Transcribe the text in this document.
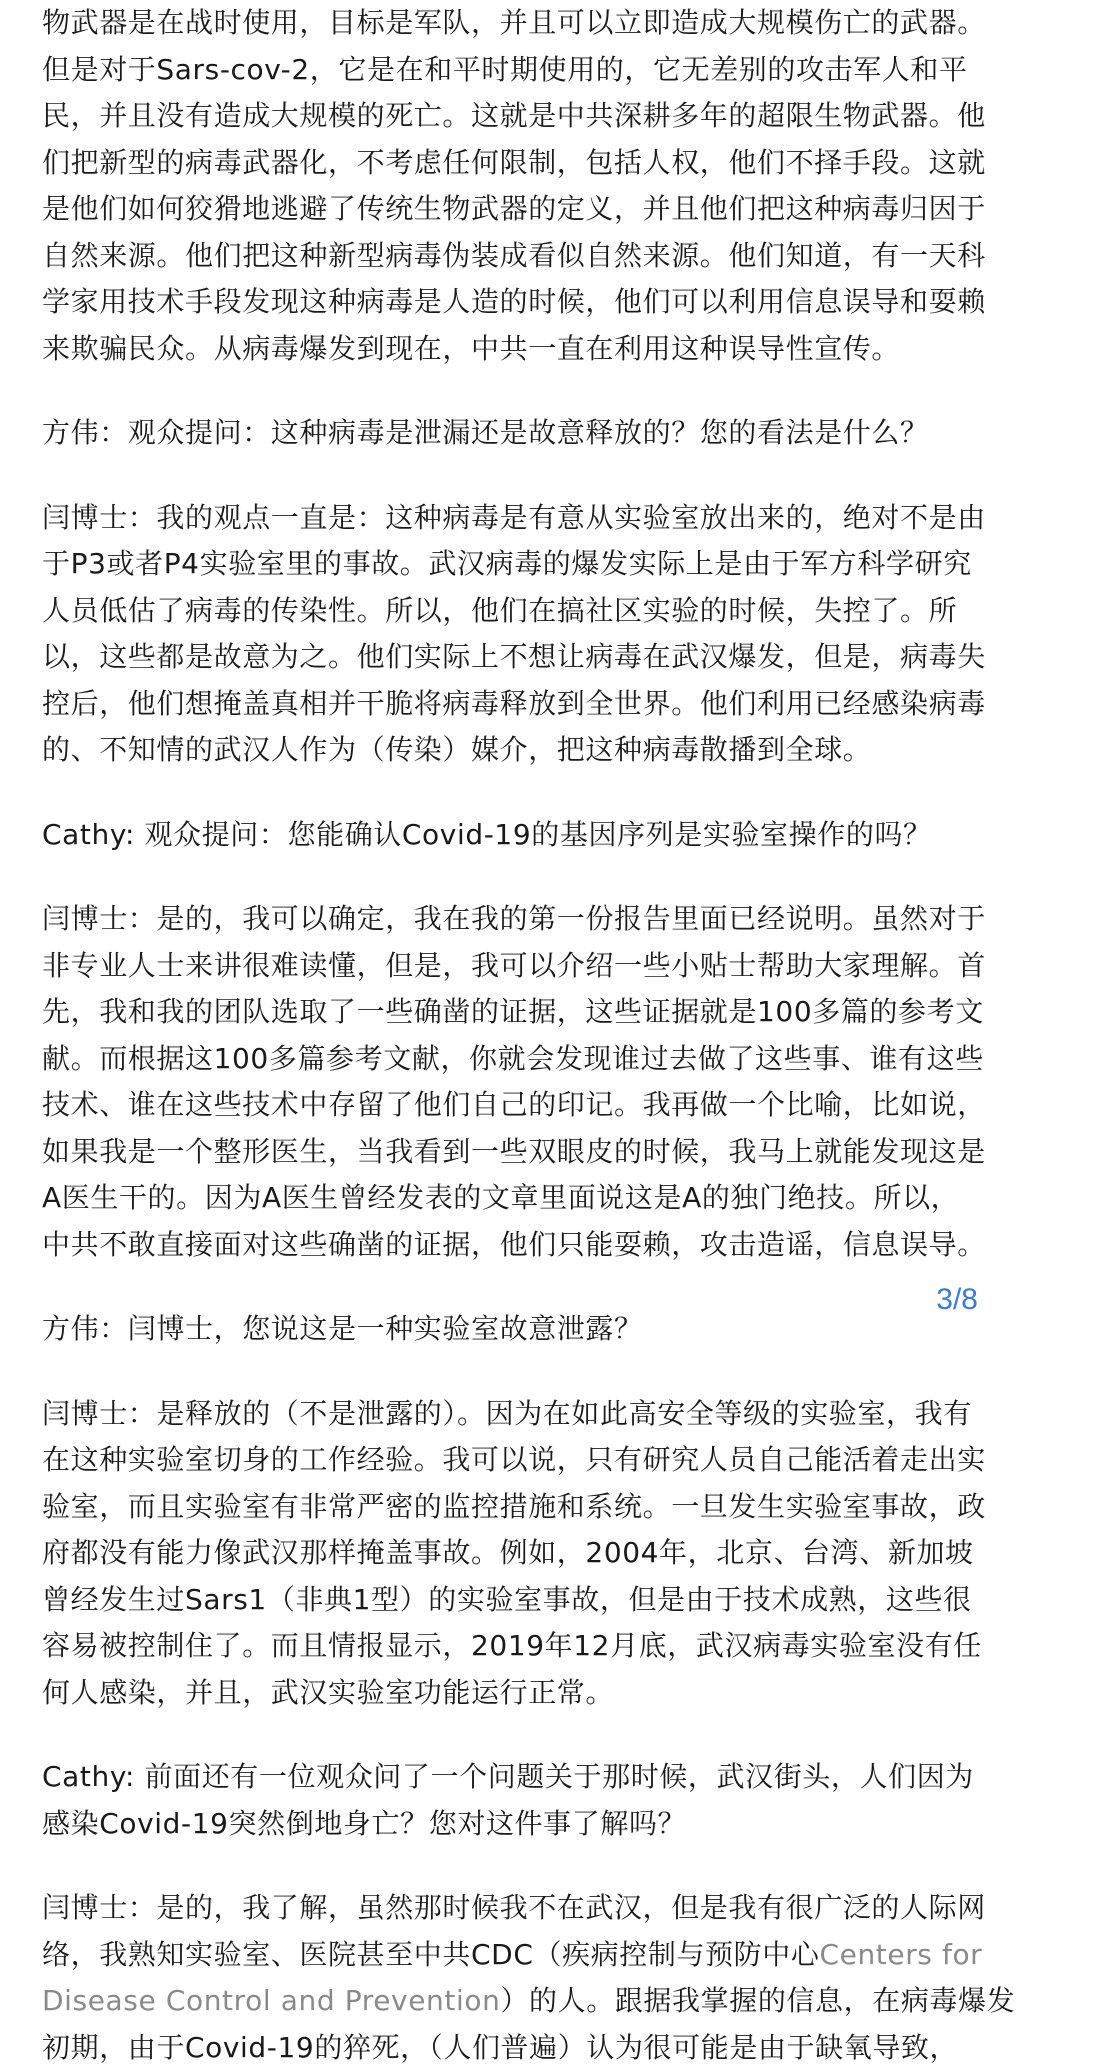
物武器是在战时使用，目标是军队，并且可以立即造成大规模伤亡的武器。
但是对于Sars-cov-2，它是在和平时期使用的，它无差别的攻击军人和平
民，并且没有造成大规模的死亡。这就是中共深耕多年的超限生物武器。他
们把新型的病毒武器化，不考虑任何限制，包括人权，他们不择手段。这就
是他们如何狡猾地逃避了传统生物武器的定义，并且他们把这种病毒归因于
自然来源。他们把这种新型病毒伪装成看似自然来源。他们知道，有一天科
学家用技术手段发现这种病毒是人造的时候，他们可以利用信息误导和耍赖
来欺骗民众。从病毒爆发到现在，中共一直在利用这种误导性宣传。

方伟：观众提问：这种病毒是泄漏还是故意释放的？您的看法是什么？

闫博士：我的观点一直是：这种病毒是有意从实验室放出来的，绝对不是由
于P3或者P4实验室里的事故。武汉病毒的爆发实际上是由于军方科学研究
人员低估了病毒的传染性。所以，他们在搞社区实验的时候，失控了。所
以，这些都是故意为之。他们实际上不想让病毒在武汉爆发，但是，病毒失
控后，他们想掩盖真相并干脆将病毒释放到全世界。他们利用已经感染病毒
的、不知情的武汉人作为（传染）媒介，把这种病毒散播到全球。

Cathy: 观众提问：您能确认Covid-19的基因序列是实验室操作的吗？

闫博士：是的，我可以确定，我在我的第一份报告里面已经说明。虽然对于
非专业人士来讲很难读懂，但是，我可以介绍一些小贴士帮助大家理解。首
先，我和我的团队选取了一些确凿的证据，这些证据就是100多篇的参考文
献。而根据这100多篇参考文献，你就会发现谁过去做了这些事、谁有这些
技术、谁在这些技术中存留了他们自己的印记。我再做一个比喻，比如说，
如果我是一个整形医生，当我看到一些双眼皮的时候，我马上就能发现这是
A医生干的。因为A医生曾经发表的文章里面说这是A的独门绝技。所以，
中共不敢直接面对这些确凿的证据，他们只能耍赖，攻击造谣，信息误导。

方伟：闫博士，您说这是一种实验室故意泄露？

闫博士：是释放的（不是泄露的）。因为在如此高安全等级的实验室，我有
在这种实验室切身的工作经验。我可以说，只有研究人员自己能活着走出实
验室，而且实验室有非常严密的监控措施和系统。一旦发生实验室事故，政
府都没有能力像武汉那样掩盖事故。例如，2004年，北京、台湾、新加坡
曾经发生过Sars1（非典1型）的实验室事故，但是由于技术成熟，这些很
容易被控制住了。而且情报显示，2019年12月底，武汉病毒实验室没有任
何人感染，并且，武汉实验室功能运行正常。

Cathy: 前面还有一位观众问了一个问题关于那时候，武汉街头，人们因为
感染Covid-19突然倒地身亡？您对这件事了解吗？

闫博士：是的，我了解，虽然那时候我不在武汉，但是我有很广泛的人际网
络，我熟知实验室、医院甚至中共CDC（疾病控制与预防中心Centers for
Disease Control and Prevention）的人。跟据我掌握的信息，在病毒爆发
初期，由于Covid-19的猝死，（人们普遍）认为很可能是由于缺氧导致，

3/8
